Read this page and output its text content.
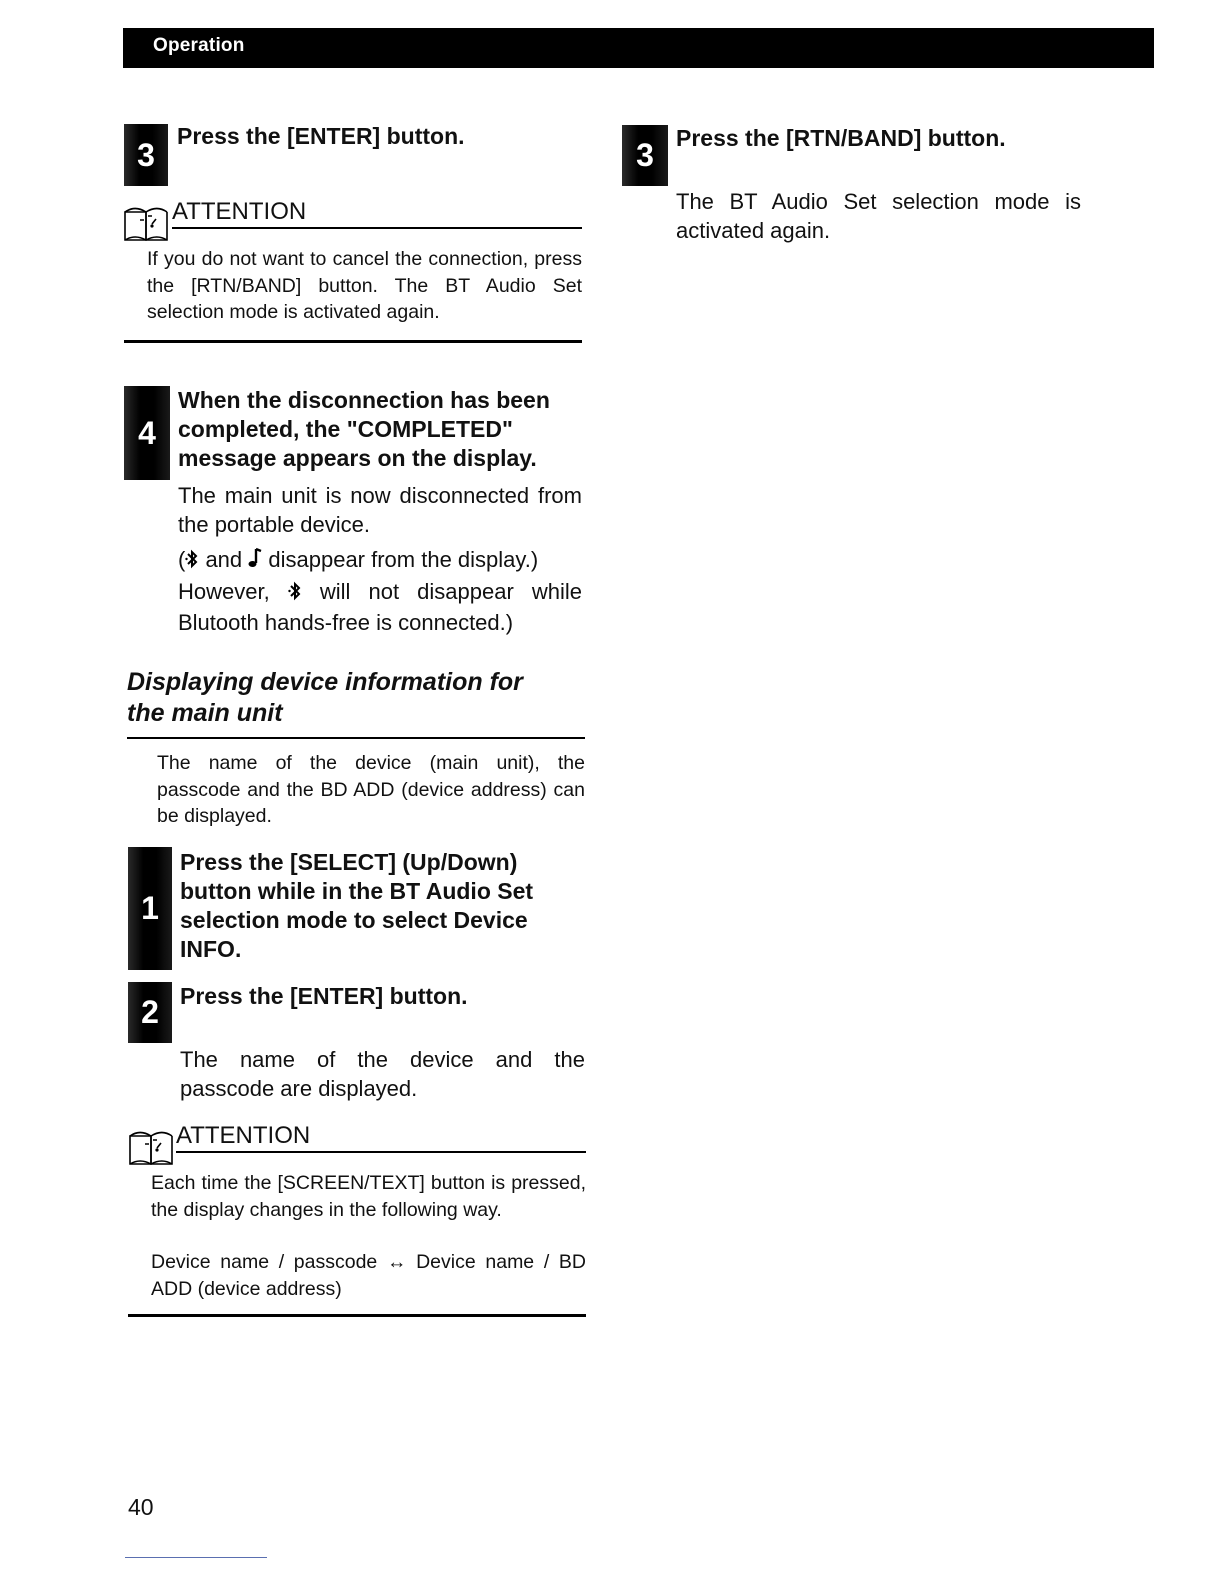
Operation
3
Press the [ENTER] button.
ATTENTION
If you do not want to cancel the connection, press the [RTN/BAND] button. The BT Audio Set selection mode is activated again.
4
When the disconnection has been completed, the "COMPLETED" message appears on the display.
The main unit is now disconnected from the portable device.
( and  disappear from the display.)
However,  will not disappear while Blutooth hands-free is connected.)
Displaying device information for
the main unit
The name of the device (main unit), the passcode and the BD ADD (device address) can be displayed.
1
Press the [SELECT] (Up/Down) button while in the BT Audio Set selection mode to select Device INFO.
2 Press the [ENTER] button.
The name of the device and the passcode are displayed.
ATTENTION
Each time the [SCREEN/TEXT] button is pressed, the display changes in the following way.
Device name / passcode ↔ Device name / BD ADD (device address)
3 Press the [RTN/BAND] button.
The BT Audio Set selection mode is activated again.
40
